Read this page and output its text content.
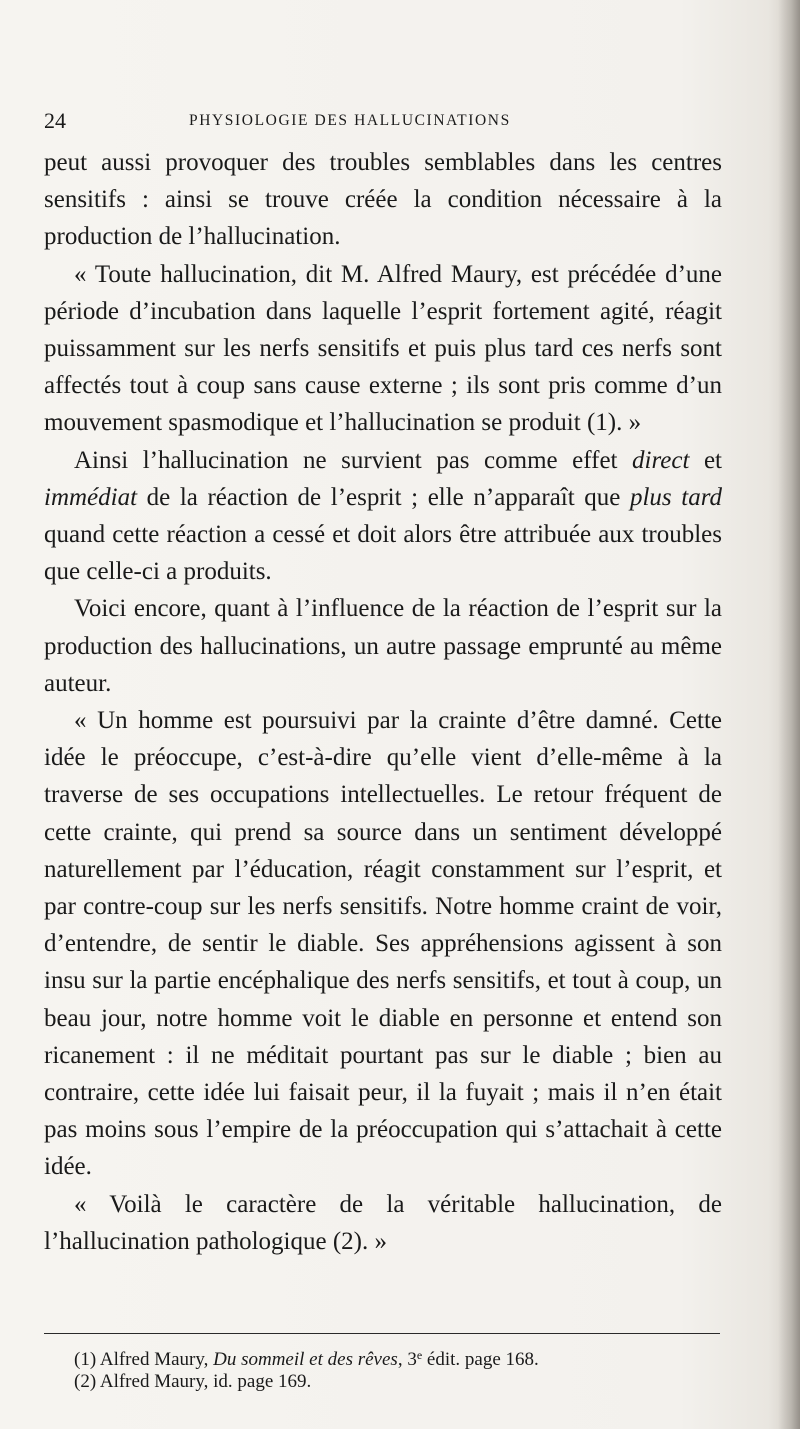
24	PHYSIOLOGIE DES HALLUCINATIONS

peut aussi provoquer des troubles semblables dans les centres sensitifs : ainsi se trouve créée la condition nécessaire à la production de l’hallucination.

« Toute hallucination, dit M. Alfred Maury, est précédée d’une période d’incubation dans laquelle l’esprit fortement agité, réagit puissamment sur les nerfs sensitifs et puis plus tard ces nerfs sont affectés tout à coup sans cause externe ; ils sont pris comme d’un mouvement spasmodique et l’hallucination se produit (1). »

Ainsi l’hallucination ne survient pas comme effet direct et immédiat de la réaction de l’esprit ; elle n’apparaît que plus tard quand cette réaction a cessé et doit alors être attribuée aux troubles que celle-ci a produits.

Voici encore, quant à l’influence de la réaction de l’esprit sur la production des hallucinations, un autre passage emprunté au même auteur.

« Un homme est poursuivi par la crainte d’être damné. Cette idée le préoccupe, c’est-à-dire qu’elle vient d’elle-même à la traverse de ses occupations intellectuelles. Le retour fréquent de cette crainte, qui prend sa source dans un sentiment développé naturellement par l’éducation, réagit constamment sur l’esprit, et par contre-coup sur les nerfs sensitifs. Notre homme craint de voir, d’entendre, de sentir le diable. Ses appréhensions agissent à son insu sur la partie encéphalique des nerfs sensitifs, et tout à coup, un beau jour, notre homme voit le diable en personne et entend son ricanement : il ne méditait pourtant pas sur le diable ; bien au contraire, cette idée lui faisait peur, il la fuyait ; mais il n’en était pas moins sous l’empire de la préoccupation qui s’attachait à cette idée.

« Voilà le caractère de la véritable hallucination, de l’hallucination pathologique (2). »

(1) Alfred Maury, Du sommeil et des rêves, 3e édit. page 168.
(2) Alfred Maury, id. page 169.
